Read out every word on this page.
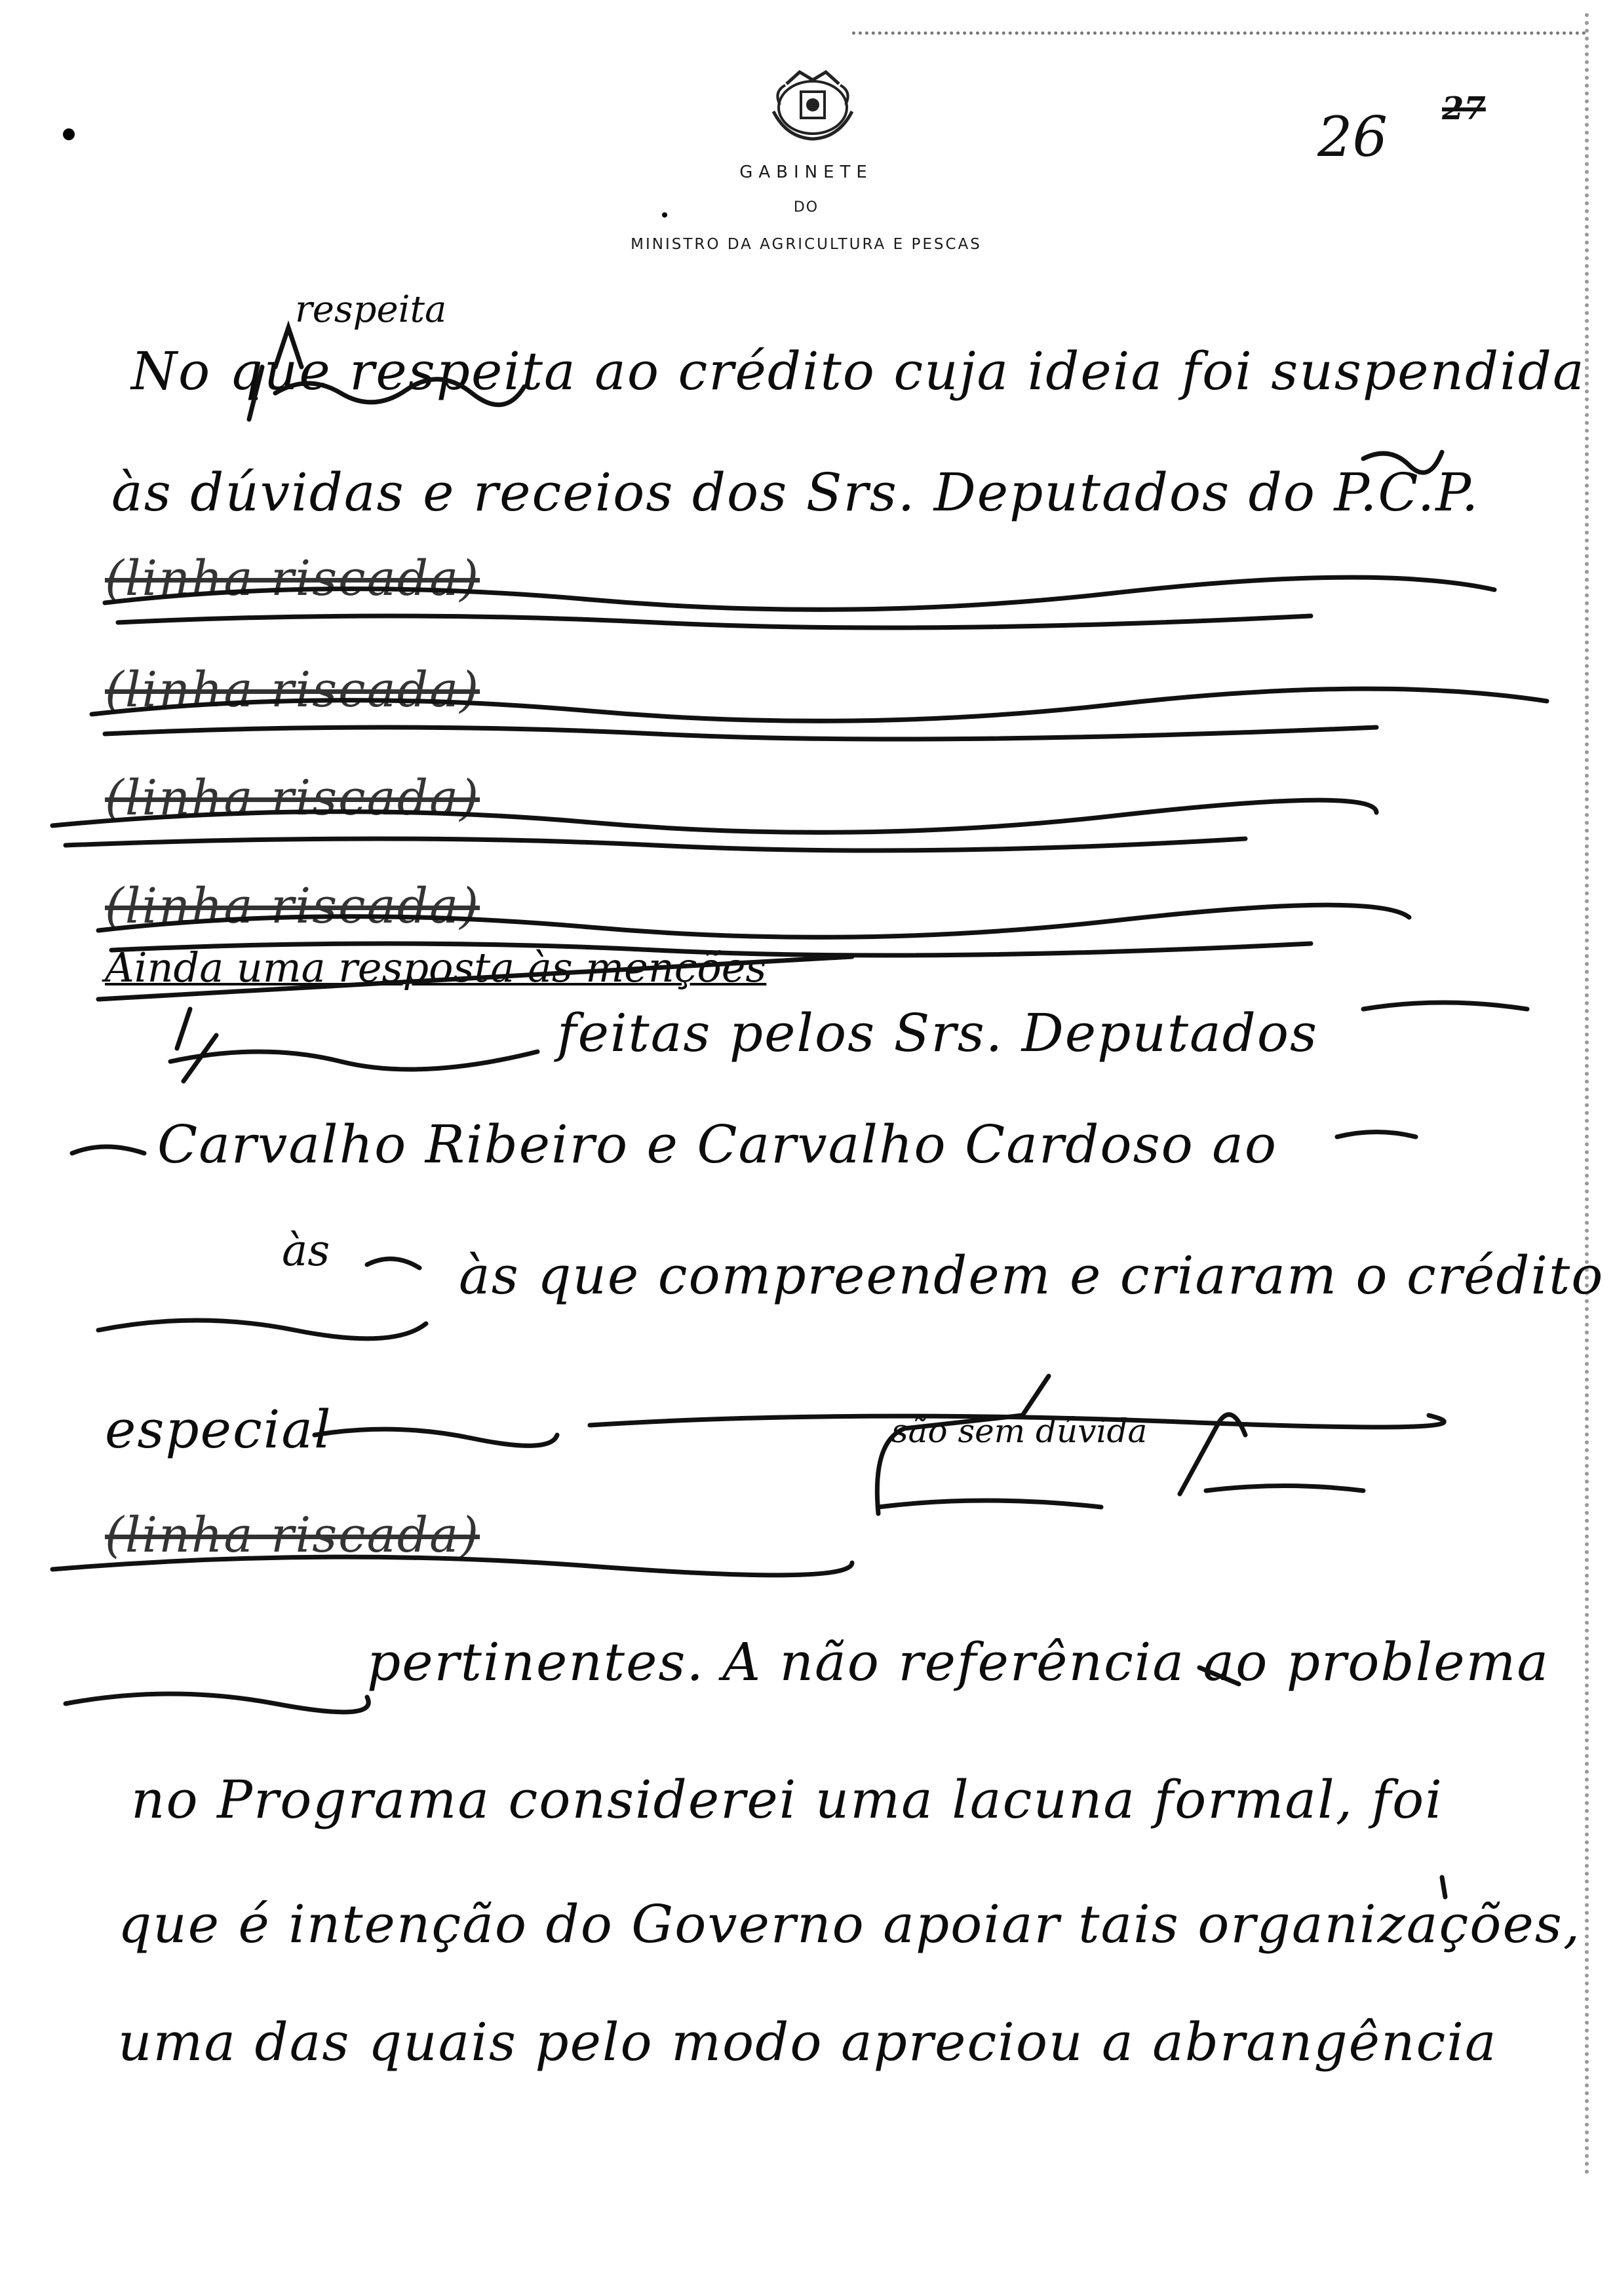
GABINETE
DO
MINISTRO DA AGRICULTURA E PESCAS
26 27
respeita
Ainda uma resposta às menções
às
são sem dúvida
No que respeita ao crédito cuja ideia foi suspendida
às dúvidas e receios dos Srs. Deputados do P.C.P.
(linha riscada)
(linha riscada)
(linha riscada)
(linha riscada)
feitas pelos Srs. Deputados
Carvalho Ribeiro e Carvalho Cardoso ao
às que compreendem e criaram o crédito
especial
(linha riscada)
pertinentes. A não referência ao problema
no Programa considerei uma lacuna formal, foi
que é intenção do Governo apoiar tais organizações,
uma das quais pelo modo apreciou a abrangência
